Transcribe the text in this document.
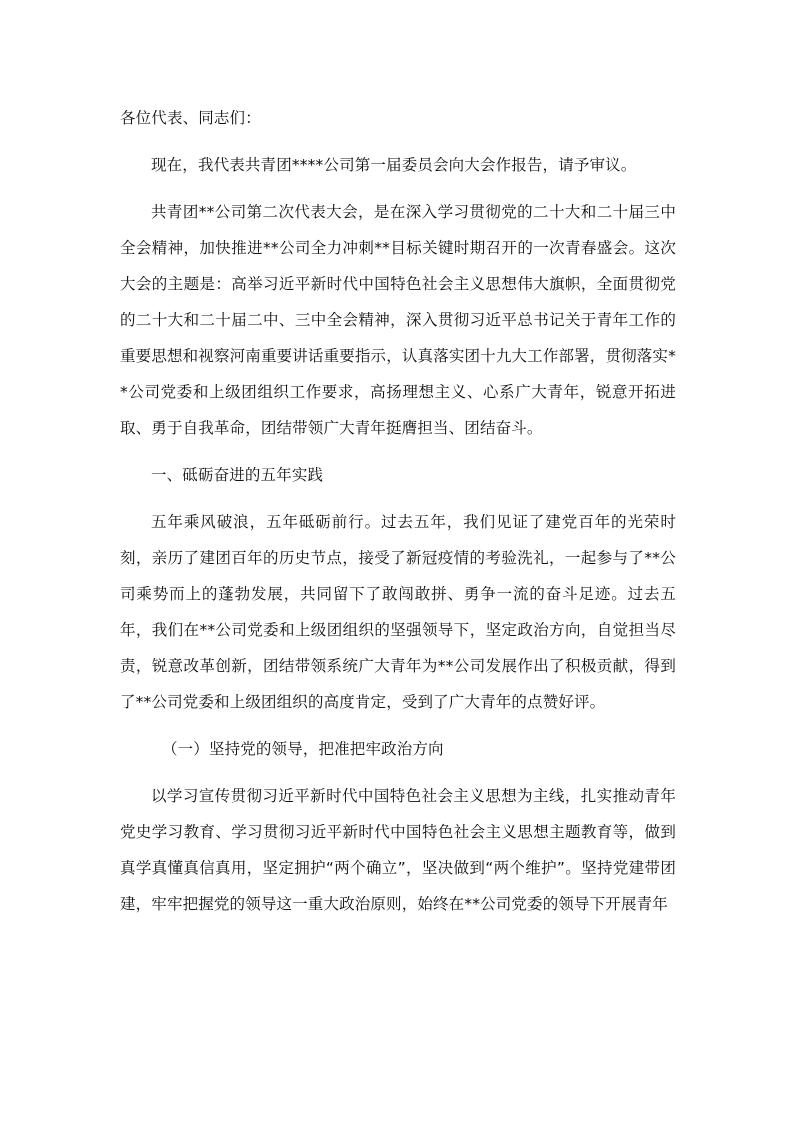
各位代表、同志们：

现在，我代表共青团****公司第一届委员会向大会作报告，请予审议。

共青团**公司第二次代表大会，是在深入学习贯彻党的二十大和二十届三中全会精神，加快推进**公司全力冲刺**目标关键时期召开的一次青春盛会。这次大会的主题是：高举习近平新时代中国特色社会主义思想伟大旗帜，全面贯彻党的二十大和二十届二中、三中全会精神，深入贯彻习近平总书记关于青年工作的重要思想和视察河南重要讲话重要指示，认真落实团十九大工作部署，贯彻落实**公司党委和上级团组织工作要求，高扬理想主义、心系广大青年，锐意开拓进取、勇于自我革命，团结带领广大青年挺膺担当、团结奋斗。

一、砥砺奋进的五年实践

五年乘风破浪，五年砥砺前行。过去五年，我们见证了建党百年的光荣时刻，亲历了建团百年的历史节点，接受了新冠疫情的考验洗礼，一起参与了**公司乘势而上的蓬勃发展，共同留下了敢闯敢拼、勇争一流的奋斗足迹。过去五年，我们在**公司党委和上级团组织的坚强领导下，坚定政治方向，自觉担当尽责，锐意改革创新，团结带领系统广大青年为**公司发展作出了积极贡献，得到了**公司党委和上级团组织的高度肯定，受到了广大青年的点赞好评。

（一）坚持党的领导，把准把牢政治方向

以学习宣传贯彻习近平新时代中国特色社会主义思想为主线，扎实推动青年党史学习教育、学习贯彻习近平新时代中国特色社会主义思想主题教育等，做到真学真懂真信真用，坚定拥护“两个确立”，坚决做到“两个维护”。坚持党建带团建，牢牢把握党的领导这一重大政治原则，始终在**公司党委的领导下开展青年
